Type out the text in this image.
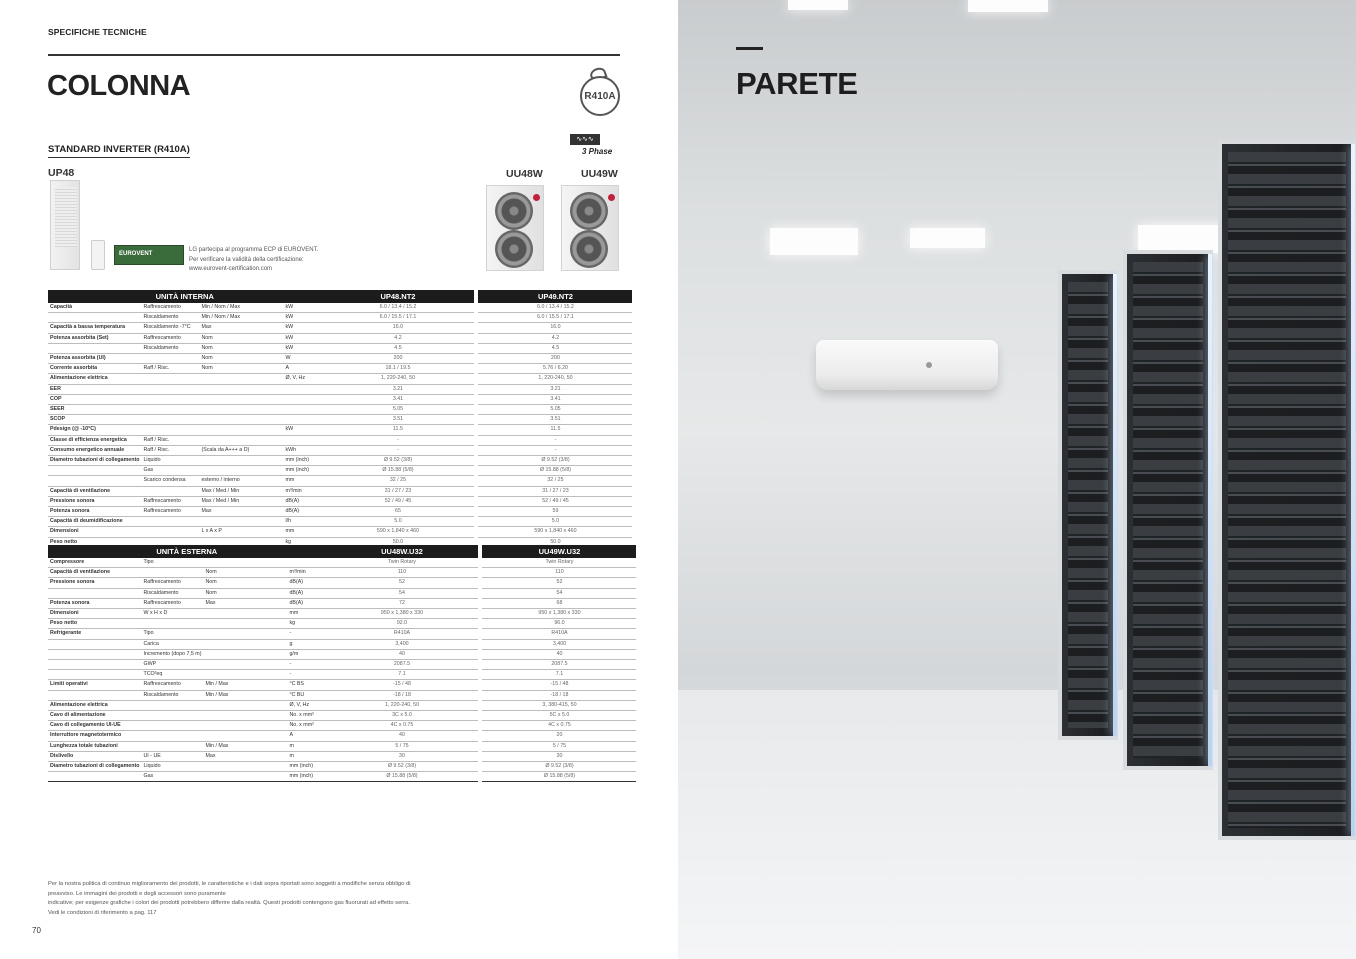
SPECIFICHE TECNICHE
COLONNA	R410A
STANDARD INVERTER (R410A)
∿∿∿
3 Phase
UP48	UU48W	UU49W
EUROVENT
LG partecipa al programma ECP di EUROVENT.
Per verificare la validità della certificazione:
www.eurovent-certification.com
UNITÀ INTERNA				UP48.NT2		UP49.NT2
Capacità	Raffrescamento	Min / Nom / Max	kW	6.0 / 13.4 / 15.2		6.0 / 13.4 / 15.2
	Riscaldamento	Min / Nom / Max	kW	6.0 / 15.5 / 17.1		6.0 / 15.5 / 17.1
Capacità a bassa temperatura	Riscaldamento -7°C	Max	kW	16.0		16.0
Potenza assorbita (Set)	Raffrescamento	Nom	kW	4.2		4.2
	Riscaldamento	Nom	kW	4.5		4.5
Potenza assorbita (UI)		Nom	W	200		200
Corrente assorbita	Raff / Risc.	Nom	A	18.1 / 19.5		5.76 / 6.20
Alimentazione elettrica			Ø, V, Hz	1, 220-240, 50		1, 220-240, 50
EER				3.21		3.21
COP				3.41		3.41
SEER				5.05		5.05
SCOP				3.51		3.51
Pdesign (@ -10°C)			kW	11.5		11.5
Classe di efficienza energetica	Raff / Risc.			-		-
Consumo energetico annuale	Raff / Risc.	(Scala da A+++ a D)	kWh	-		-
Diametro tubazioni di collegamento	Liquido		mm (inch)	Ø 9.52 (3/8)		Ø 9.52 (3/8)
	Gas		mm (inch)	Ø 15.88 (5/8)		Ø 15.88 (5/8)
	Scarico condensa	esterno / interno	mm	32 / 25		32 / 25
Capacità di ventilazione		Max / Med / Min	m³/min	31 / 27 / 23		31 / 27 / 23
Pressione sonora	Raffrescamento	Max / Med / Min	dB(A)	52 / 49 / 45		52 / 49 / 45
Potenza sonora	Raffrescamento	Max	dB(A)	65		59
Capacità di deumidificazione			l/h	5.0		5.0
Dimensioni		L x A x P	mm	590 x 1,840 x 460		590 x 1,840 x 460
Peso netto			kg	50.0		50.0
UNITÀ ESTERNA				UU48W.U32		UU49W.U32
Compressore	Tipo			Twin Rotary		Twin Rotary
Capacità di ventilazione		Nom	m³/min	110		110
Pressione sonora	Raffrescamento	Nom	dB(A)	52		52
	Riscaldamento	Nom	dB(A)	54		54
Potenza sonora	Raffrescamento	Max	dB(A)	72		68
Dimensioni	W x H x D		mm	950 x 1,380 x 330		950 x 1,380 x 330
Peso netto			kg	92.0		96.0
Refrigerante	Tipo		-	R410A		R410A
	Carica		g	3,400		3,400
	Incremento (dopo 7,5 m)		g/m	40		40
	GWP		-	2087.5		2087.5
	TCO²eq		-	7.1		7.1
Limiti operativi	Raffrescamento	Min / Max	°C BS	-15 / 48		-15 / 48
	Riscaldamento	Min / Max	°C BU	-18 / 18		-18 / 18
Alimentazione elettrica			Ø, V, Hz	1, 220-240, 50		3, 380-415, 50
Cavo di alimentazione			No. x mm²	3C x 5.0		5C x 5.0
Cavo di collegamento UI-UE			No. x mm²	4C x 0.75		4C x 0.75
Interruttore magnetotermico			A	40		20
Lunghezza totale tubazioni		Min / Max	m	5 / 75		5 / 75
Dislivello	UI - UE	Max	m	30		30
Diametro tubazioni di collegamento	Liquido		mm (inch)	Ø 9.52 (3/8)		Ø 9.52 (3/8)
	Gas		mm (inch)	Ø 15.88 (5/8)		Ø 15.88 (5/8)
Per la nostra politica di continuo miglioramento dei prodotti, le caratteristiche e i dati sopra riportati sono soggetti a modifiche senza obbligo di
preavviso. Le immagini dei prodotti e degli accessori sono puramente
indicative; per esigenze grafiche i colori dei prodotti potrebbero differire dalla realtà. Questi prodotti contengono gas fluorurati ad effetto serra.
Vedi le condizioni di riferimento a pag. 117
70
PARETE
